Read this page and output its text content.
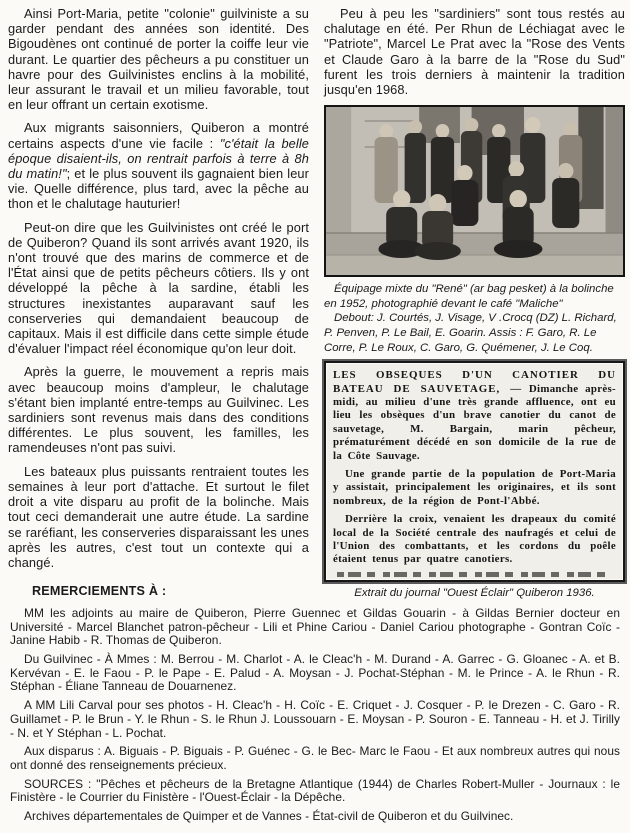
Ainsi Port-Maria, petite "colonie" guilviniste a su garder pendant des années son identité. Des Bigoudènes ont continué de porter la coiffe leur vie durant. Le quartier des pêcheurs a pu constituer un havre pour des Guilvinistes enclins à la mobilité, leur assurant le travail et un milieu favorable, tout en leur offrant un certain exotisme.

Aux migrants saisonniers, Quiberon a montré certains aspects d'une vie facile : "c'était la belle époque disaient-ils, on rentrait parfois à terre à 8h du matin!"; et le plus souvent ils gagnaient bien leur vie. Quelle différence, plus tard, avec la pêche au thon et le chalutage hauturier!

Peut-on dire que les Guilvinistes ont créé le port de Quiberon? Quand ils sont arrivés avant 1920, ils n'ont trouvé que des marins de commerce et de l'État ainsi que de petits pêcheurs côtiers. Ils y ont développé la pêche à la sardine, établi les structures inexistantes auparavant sauf les conserveries qui demandaient beaucoup de capitaux. Mais il est difficile dans cette simple étude d'évaluer l'impact réel économique qu'on leur doit.

Après la guerre, le mouvement a repris mais avec beaucoup moins d'ampleur, le chalutage s'étant bien implanté entre-temps au Guilvinec. Les sardiniers sont revenus mais dans des conditions différentes. Le plus souvent, les familles, les ramendeuses n'ont pas suivi.

Les bateaux plus puissants rentraient toutes les semaines à leur port d'attache. Et surtout le filet droit a vite disparu au profit de la bolinche. Mais tout ceci demanderait une autre étude. La sardine se raréfiant, les conserveries disparaissant les unes après les autres, c'est tout un contexte qui a changé.

REMERCIEMENTS À :

Peu à peu les "sardiniers" sont tous restés au chalutage en été. Per Rhun de Léchiagat avec le "Patriote", Marcel Le Prat avec la "Rose des Vents et Claude Garo à la barre de la "Rose du Sud" furent les trois derniers à maintenir la tradition jusqu'en 1968.

Équipage mixte du "René" (ar bag pesket) à la bolinche en 1952, photographié devant le café "Maliche"

Debout: J. Courtés, J. Visage, V .Crocq (DZ) L. Richard, P. Penven, P. Le Bail, E. Goarin. Assis : F. Garo, R. Le Corre, P. Le Roux, C. Garo, G. Quémener, J. Le Coq.

LES OBSEQUES D'UN CANOTIER DU BATEAU DE SAUVETAGE, — Dimanche après-midi, au milieu d'une très grande affluence, ont eu lieu les obsèques d'un brave canotier du canot de sauvetage, M. Bargain, marin pêcheur, prématurément décédé en son domicile de la rue de la Côte Sauvage.

Une grande partie de la population de Port-Maria y assistait, principalement les originaires, et ils sont nombreux, de la région de Pont-l'Abbé.

Derrière la croix, venaient les drapeaux du comité local de la Société centrale des naufragés et celui de l'Union des combattants, et les cordons du poêle étaient tenus par quatre canotiers.

Extrait du journal "Ouest Éclair" Quiberon 1936.

MM les adjoints au maire de Quiberon, Pierre Guennec et Gildas Gouarin - à Gildas Bernier docteur en Université - Marcel Blanchet patron-pêcheur - Lili et Phine Cariou - Daniel Cariou photographe - Gontran Coïc - Janine Habib - R. Thomas de Quiberon.

Du Guilvinec - À Mmes : M. Berrou - M. Charlot - A. le Cleac'h - M. Durand - A. Garrec - G. Gloanec - A. et B. Kervévan - E. le Faou - P. le Pape - E. Palud - A. Moysan - J. Pochat-Stéphan - M. le Prince - A. le Rhun - R. Stéphan - Éliane Tanneau de Douarnenez.

A MM Lili Carval pour ses photos - H. Cleac'h - H. Coïc - E. Criquet - J. Cosquer - P. le Drezen - C. Garo - R. Guillamet - P. le Brun - Y. le Rhun - S. le Rhun J. Loussouarn - E. Moysan - P. Souron - E. Tanneau - H. et J. Tirilly - N. et Y Stéphan - L. Pochat.

Aux disparus : A. Biguais - P. Biguais - P. Guénec - G. le Bec- Marc le Faou - Et aux nombreux autres qui nous ont donné des renseignements précieux.

SOURCES : "Pêches et pêcheurs de la Bretagne Atlantique (1944) de Charles Robert-Muller - Journaux : le Finistère - le Courrier du Finistère - l'Ouest-Éclair - la Dépêche.

Archives départementales de Quimper et de Vannes - État-civil de Quiberon et du Guilvinec.
